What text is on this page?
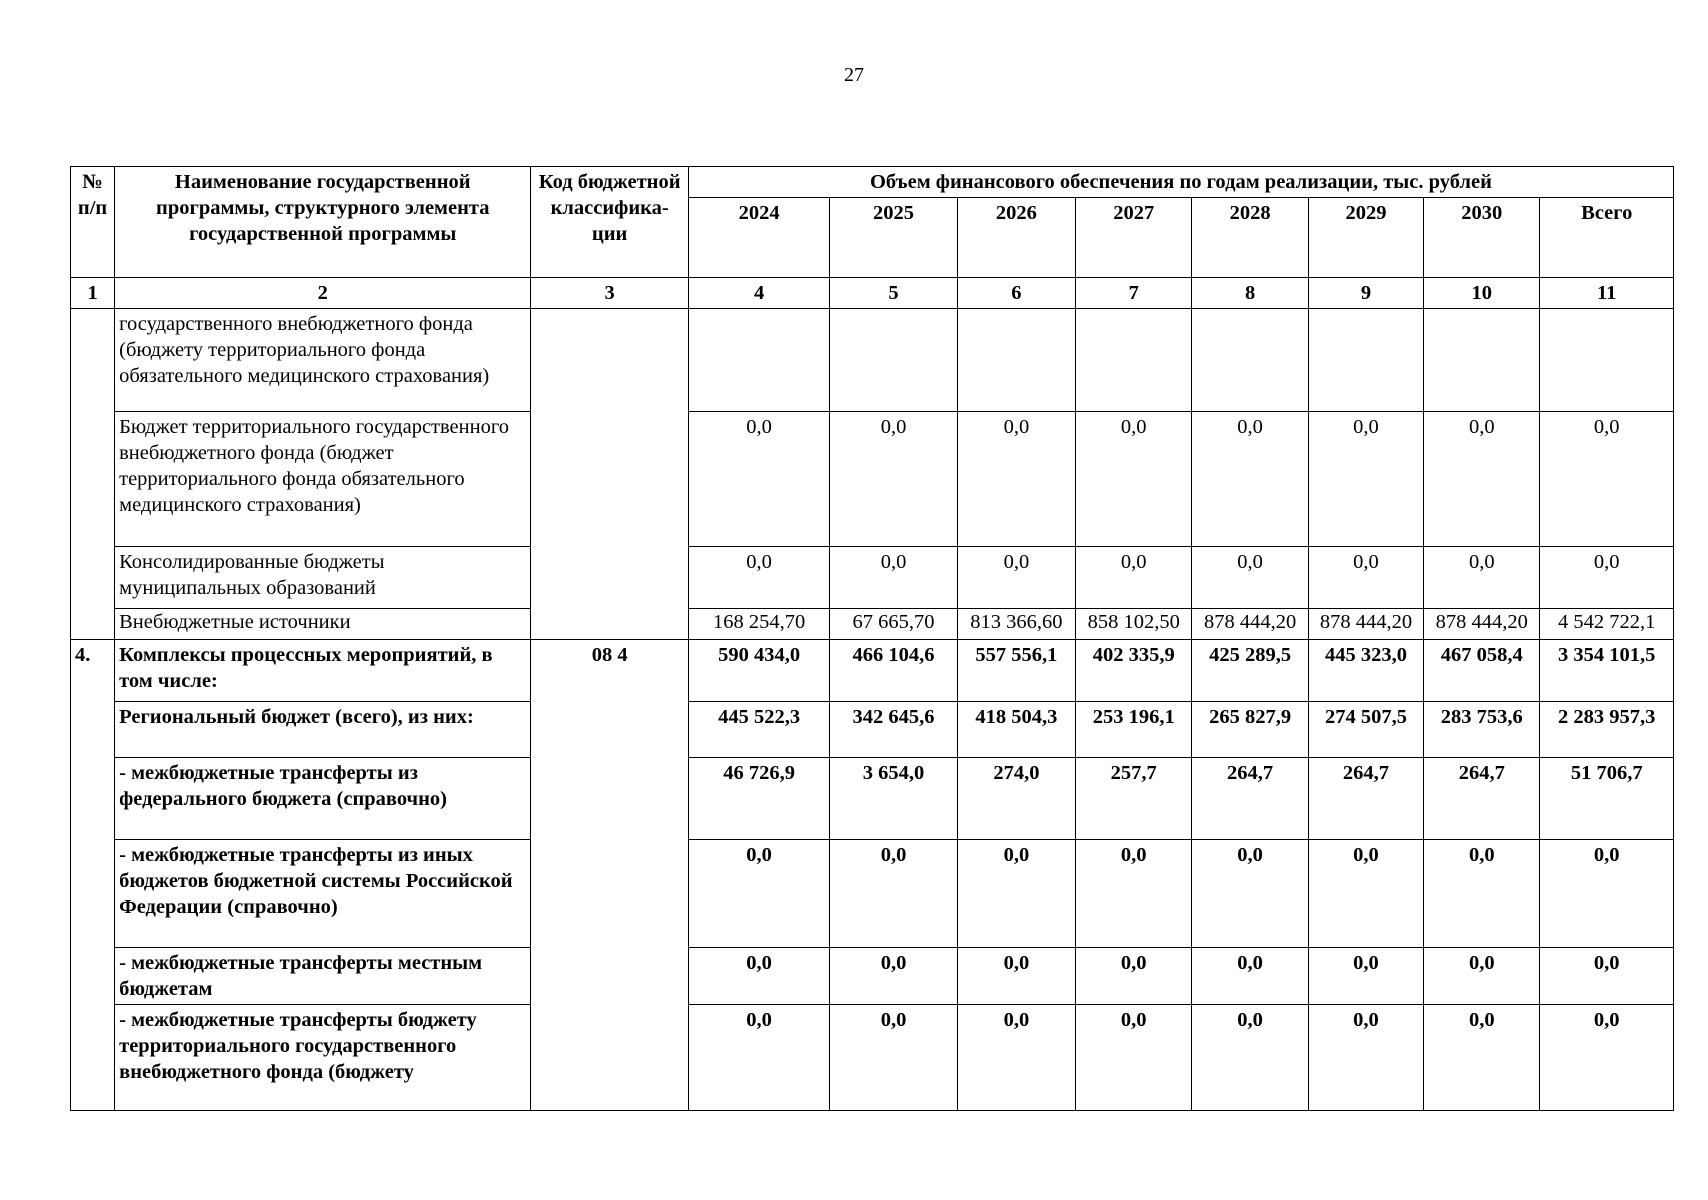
27
№ п/п	Наименование государственной программы, структурного элемента государственной программы	Код бюджетной классифика-ции	Объем финансового обеспечения по годам реализации, тыс. рублей							
			2024	2025	2026	2027	2028	2029	2030	Всего
1	2	3	4	5	6	7	8	9	10	11
	государственного внебюджетного фонда (бюджету территориального фонда обязательного медицинского страхования)									
	Бюджет территориального государственного внебюджетного фонда (бюджет территориального фонда обязательного медицинского страхования)		0,0	0,0	0,0	0,0	0,0	0,0	0,0	0,0
	Консолидированные бюджеты муниципальных образований		0,0	0,0	0,0	0,0	0,0	0,0	0,0	0,0
	Внебюджетные источники		168 254,70	67 665,70	813 366,60	858 102,50	878 444,20	878 444,20	878 444,20	4 542 722,1
4.	Комплексы процессных мероприятий, в том числе:	08 4	590 434,0	466 104,6	557 556,1	402 335,9	425 289,5	445 323,0	467 058,4	3 354 101,5
	Региональный бюджет (всего), из них:		445 522,3	342 645,6	418 504,3	253 196,1	265 827,9	274 507,5	283 753,6	2 283 957,3
	- межбюджетные трансферты из федерального бюджета (справочно)		46 726,9	3 654,0	274,0	257,7	264,7	264,7	264,7	51 706,7
	- межбюджетные трансферты из иных бюджетов бюджетной системы Российской Федерации (справочно)		0,0	0,0	0,0	0,0	0,0	0,0	0,0	0,0
	- межбюджетные трансферты местным бюджетам		0,0	0,0	0,0	0,0	0,0	0,0	0,0	0,0
	- межбюджетные трансферты бюджету территориального государственного внебюджетного фонда (бюджету		0,0	0,0	0,0	0,0	0,0	0,0	0,0	0,0
